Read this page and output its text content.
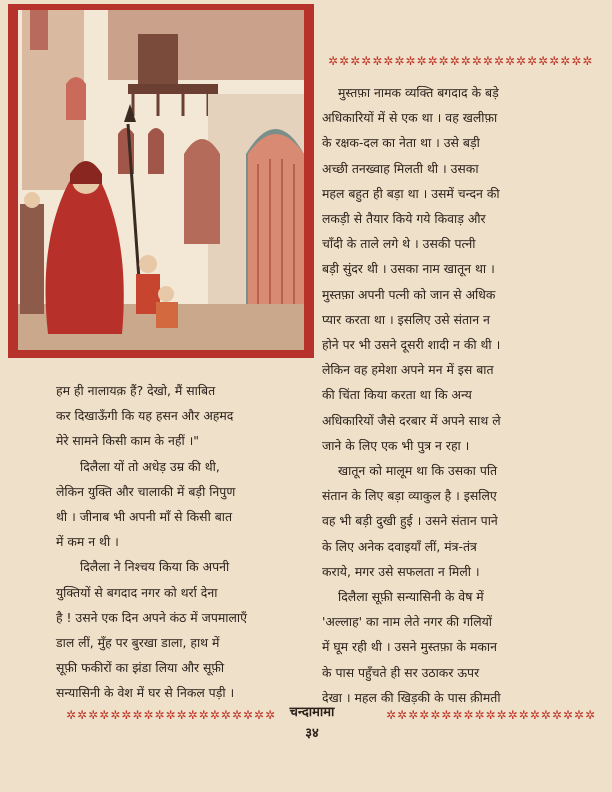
✲✲✲✲✲✲✲✲✲✲✲✲✲✲✲✲✲✲✲✲✲✲✲✲
मुस्तफ़ा नामक व्यक्ति बगदाद के बड़े
अधिकारियों में से एक था । वह खलीफ़ा
के रक्षक-दल का नेता था । उसे बड़ी
अच्छी तनख्वाह मिलती थी । उसका
महल बहुत ही बड़ा था । उसमें चन्दन की
लकड़ी से तैयार किये गये किवाड़ और
चाँदी के ताले लगे थे । उसकी पत्नी
बड़ी सुंदर थी । उसका नाम खातून था ।
मुस्तफ़ा अपनी पत्नी को जान से अधिक
प्यार करता था । इसलिए उसे संतान न
होने पर भी उसने दूसरी शादी न की थी ।
लेकिन वह हमेशा अपने मन में इस बात
की चिंता किया करता था कि अन्य
अधिकारियों जैसे दरबार में अपने साथ ले
जाने के लिए एक भी पुत्र न रहा ।
खातून को मालूम था कि उसका पति
संतान के लिए बड़ा व्याकुल है । इसलिए
वह भी बड़ी दुखी हुई । उसने संतान पाने
के लिए अनेक दवाइयाँ लीं, मंत्र-तंत्र
कराये, मगर उसे सफलता न मिली ।
दिलैला सूफ़ी सन्यासिनी के वेष में
'अल्लाह' का नाम लेते नगर की गलियों
में घूम रही थी । उसने मुस्तफ़ा के मकान
के पास पहुँचते ही सर उठाकर ऊपर
देखा । महल की खिड़की के पास क़ीमती
हम ही नालायक़ हैं? देखो, मैं साबित
कर दिखाऊँगी कि यह हसन और अहमद
मेरे सामने किसी काम के नहीं ।"
दिलैला यों तो अधेड़ उम्र की थी,
लेकिन युक्ति और चालाकी में बड़ी निपुण
थी । जीनाब भी अपनी माँ से किसी बात
में कम न थी ।
दिलैला ने निश्चय किया कि अपनी
युक्तियों से बगदाद नगर को थर्रा देना
है ! उसने एक दिन अपने कंठ में जपमालाएँ
डाल लीं, मुँह पर बुरखा डाला, हाथ में
सूफ़ी फकीरों का झंडा लिया और सूफ़ी
सन्यासिनी के वेश में घर से निकल पड़ी ।
✲✲✲✲✲✲✲✲✲✲✲✲✲✲✲✲✲✲✲	चन्दामामा	✲✲✲✲✲✲✲✲✲✲✲✲✲✲✲✲✲✲✲
३४
